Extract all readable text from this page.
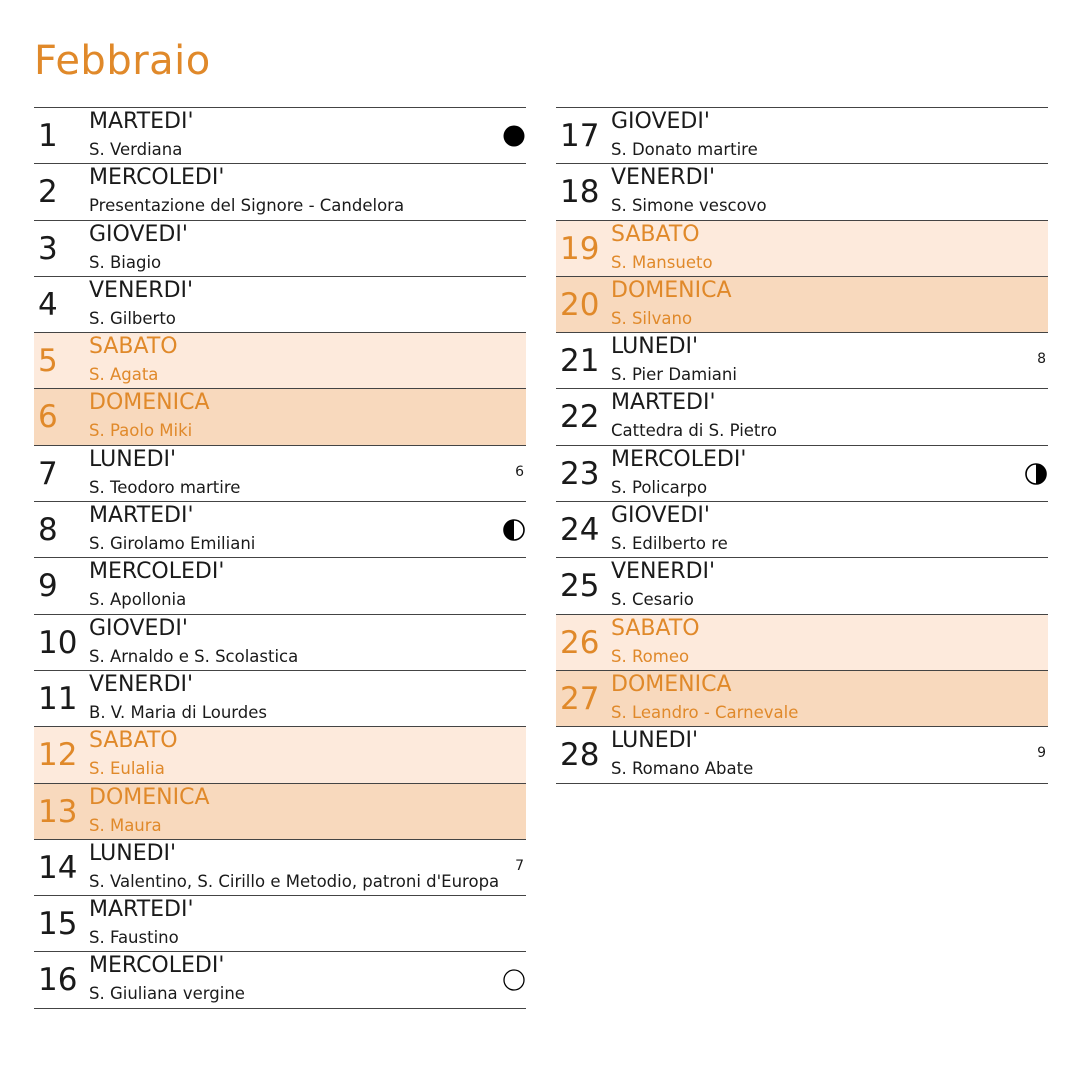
Febbraio
1 MARTEDI'
S. Verdiana
2 MERCOLEDI'
Presentazione del Signore - Candelora
3 GIOVEDI'
S. Biagio
4 VENERDI'
S. Gilberto
5 SABATO
S. Agata
6 DOMENICA
S. Paolo Miki
7 LUNEDI'
S. Teodoro martire
6
8 MARTEDI'
S. Girolamo Emiliani
9 MERCOLEDI'
S. Apollonia
10 GIOVEDI'
S. Arnaldo e S. Scolastica
11 VENERDI'
B. V. Maria di Lourdes
12 SABATO
S. Eulalia
13 DOMENICA
S. Maura
14 LUNEDI'
S. Valentino, S. Cirillo e Metodio, patroni d'Europa
7
15 MARTEDI'
S. Faustino
16 MERCOLEDI'
S. Giuliana vergine
17 GIOVEDI'
S. Donato martire
18 VENERDI'
S. Simone vescovo
19 SABATO
S. Mansueto
20 DOMENICA
S. Silvano
21 LUNEDI'
S. Pier Damiani
8
22 MARTEDI'
Cattedra di S. Pietro
23 MERCOLEDI'
S. Policarpo
24 GIOVEDI'
S. Edilberto re
25 VENERDI'
S. Cesario
26 SABATO
S. Romeo
27 DOMENICA
S. Leandro - Carnevale
28 LUNEDI'
S. Romano Abate
9
